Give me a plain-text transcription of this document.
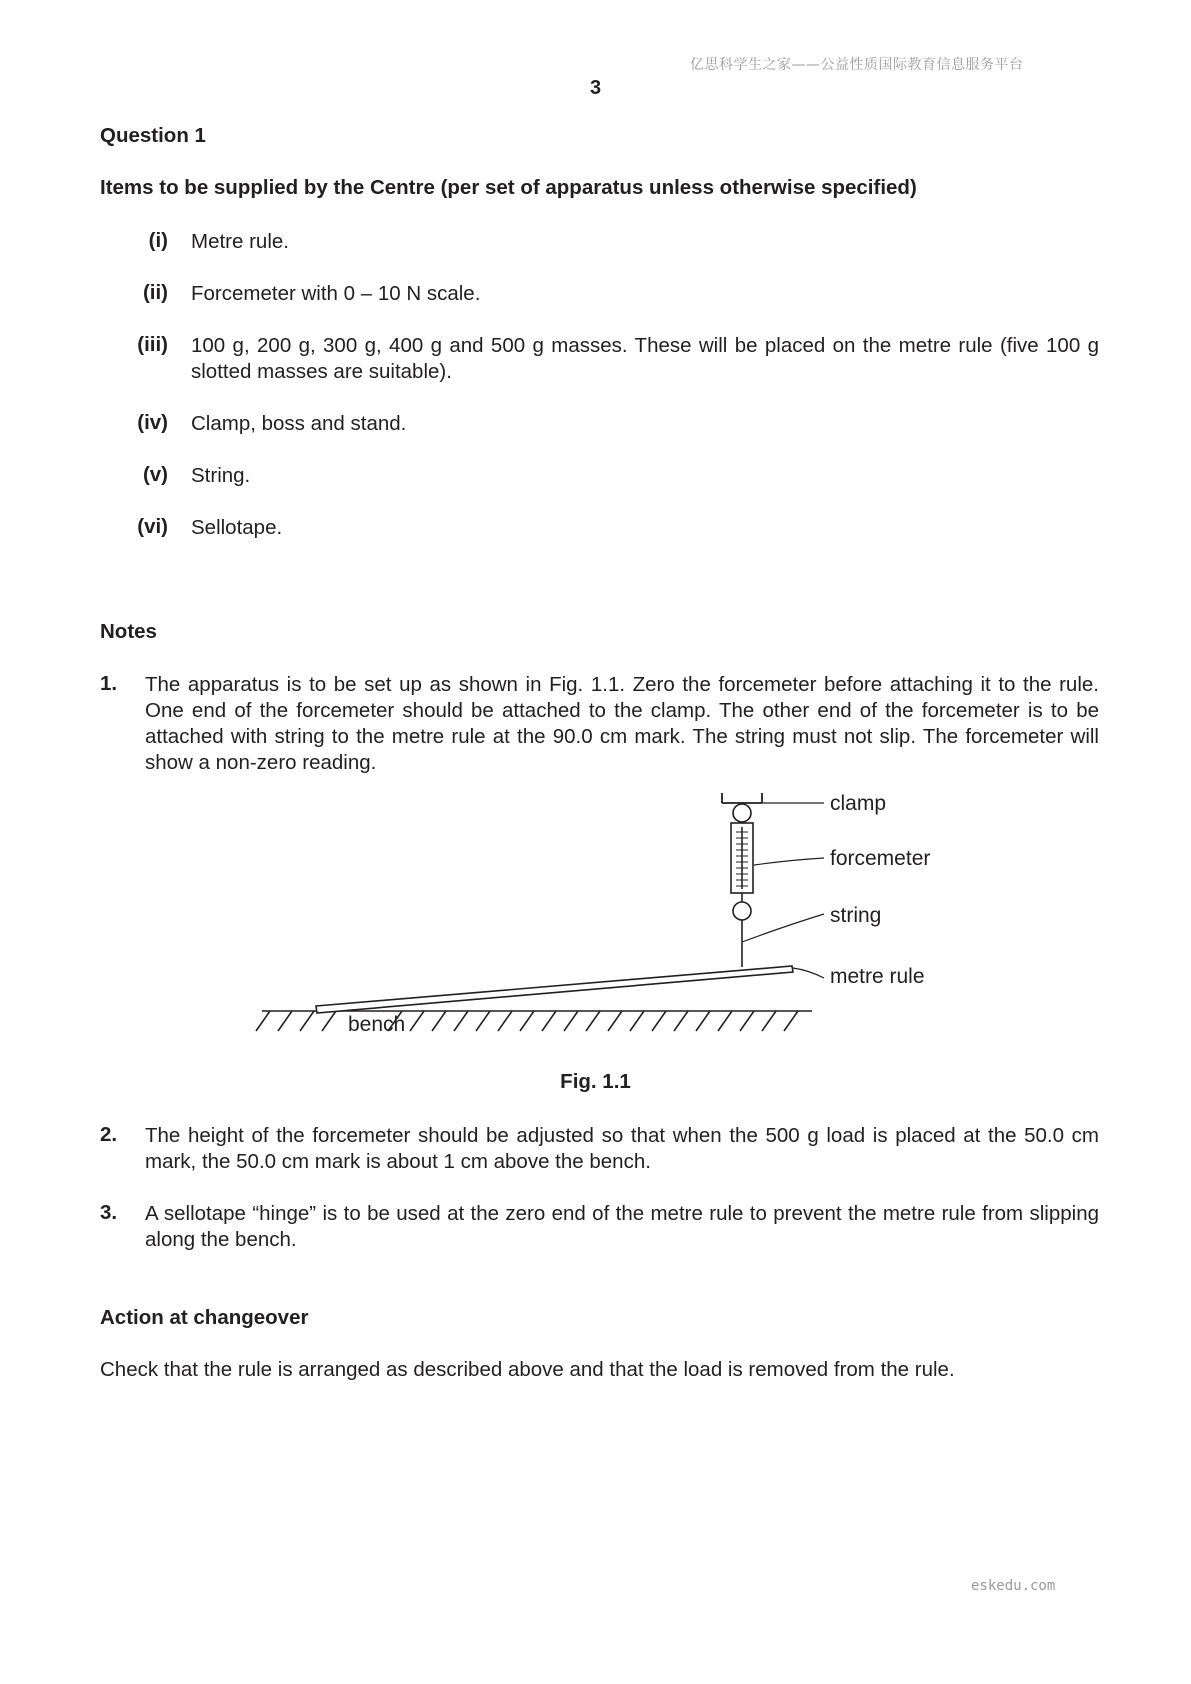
亿思科学生之家——公益性质国际教育信息服务平台
3
Question 1
Items to be supplied by the Centre (per set of apparatus unless otherwise specified)
(i) Metre rule.
(ii) Forcemeter with 0 – 10 N scale.
(iii) 100 g, 200 g, 300 g, 400 g and 500 g masses. These will be placed on the metre rule (five 100 g slotted masses are suitable).
(iv) Clamp, boss and stand.
(v) String.
(vi) Sellotape.
Notes
1. The apparatus is to be set up as shown in Fig. 1.1. Zero the forcemeter before attaching it to the rule. One end of the forcemeter should be attached to the clamp. The other end of the forcemeter is to be attached with string to the metre rule at the 90.0 cm mark. The string must not slip. The forcemeter will show a non-zero reading.
bench
clamp
forcemeter
string
metre rule
Fig. 1.1
2. The height of the forcemeter should be adjusted so that when the 500 g load is placed at the 50.0 cm mark, the 50.0 cm mark is about 1 cm above the bench.
3. A sellotape “hinge” is to be used at the zero end of the metre rule to prevent the metre rule from slipping along the bench.
Action at changeover
Check that the rule is arranged as described above and that the load is removed from the rule.
eskedu.com
